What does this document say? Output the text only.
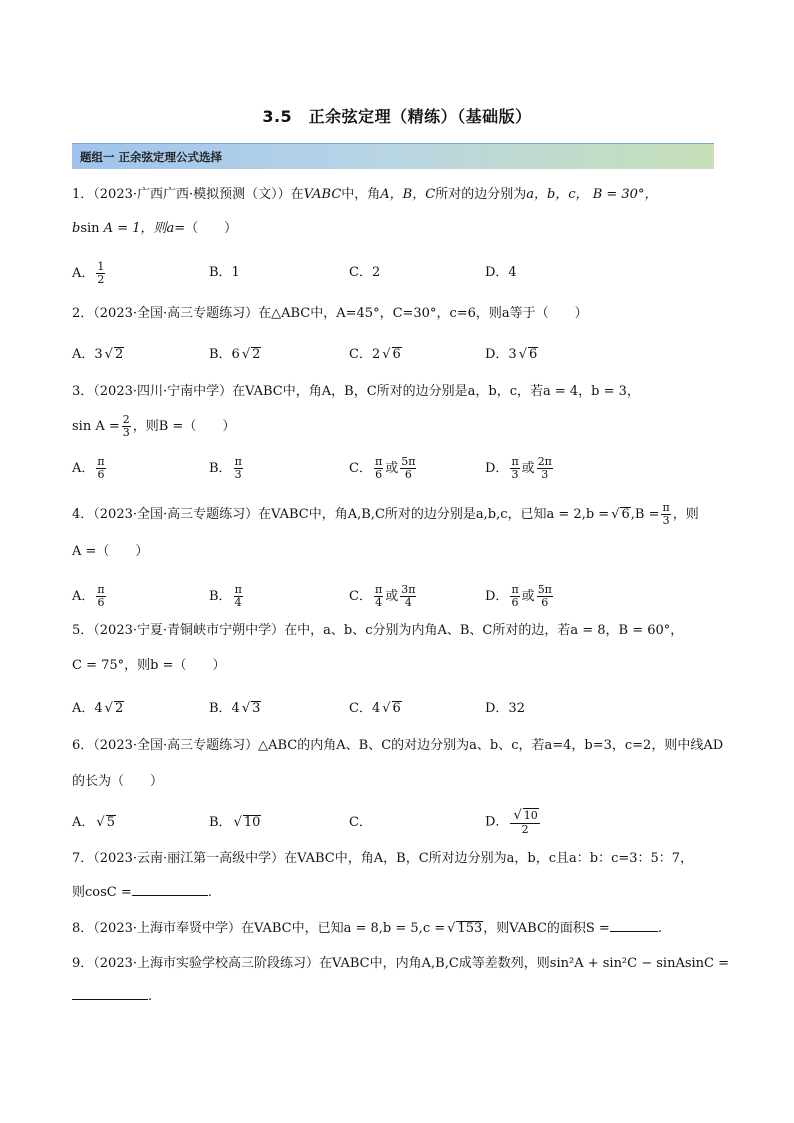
3.5　正余弦定理（精练）（基础版）
题组一 正余弦定理公式选择
1．（2023·广西广西·模拟预测（文））在VABC中，角A，B，C所对的边分别为a，b，c， B = 30°，
bsin A = 1，则a=（　　）
A． $\frac{1}{2}$	B．1	C．2	D．4
2．（2023·全国·高三专题练习）在△ABC中，A=45°，C=30°，c=6，则a等于（　　）
A．3 √ 2	B．6 √ 2	C．2 √ 6	D．3 √ 6
3．（2023·四川·宁南中学）在VABC中，角A，B，C所对的边分别是a，b，c，若a = 4，b = 3，
$\sin A = \frac{2}{3}$ ，则B =（　　）
A． $\frac{\pi}{6}$	B． $\frac{\pi}{3}$	C． $\frac{\pi}{6}$ 或 $\frac{5\pi}{6}$	D． $\frac{\pi}{3}$ 或 $\frac{2\pi}{3}$
4．（2023·全国·高三专题练习）在VABC中，角A,B,C所对的边分别是a,b,c，已知a = 2,b = √ $6,B = \frac{\pi}{3}$ ，则
A =（　　）
A． $\frac{\pi}{6}$	B． $\frac{\pi}{4}$	C． $\frac{\pi}{4}$ 或 $\frac{3\pi}{4}$	D． $\frac{\pi}{6}$ 或 $\frac{5\pi}{6}$
5．（2023·宁夏·青铜峡市宁朔中学）在中，a、b、c分别为内角A、B、C所对的边，若a = 8，B = 60°，
C = 75°，则b =（　　）
A．4 √ 2	B．4 √ 3	C．4 √ 6	D．32
6．（2023·全国·高三专题练习）△ABC的内角A、B、C的对边分别为a、b、c，若a=4，b=3，c=2，则中线AD
的长为（　　）
A． √ 5	B． √ 10	C．	D． $\frac{√ 10}{2}$
7．（2023·云南·丽江第一高级中学）在VABC中，角A，B，C所对边分别为a，b，c且a：b：c=3：5：7，
则cosC =	.
8．（2023·上海市奉贤中学）在VABC中，已知a = 8,b = 5,c = √ 153，则VABC的面积S =	.
9．（2023·上海市实验学校高三阶段练习）在VABC中，内角A,B,C成等差数列，则sin²A + sin²C − sinAsinC =
.
